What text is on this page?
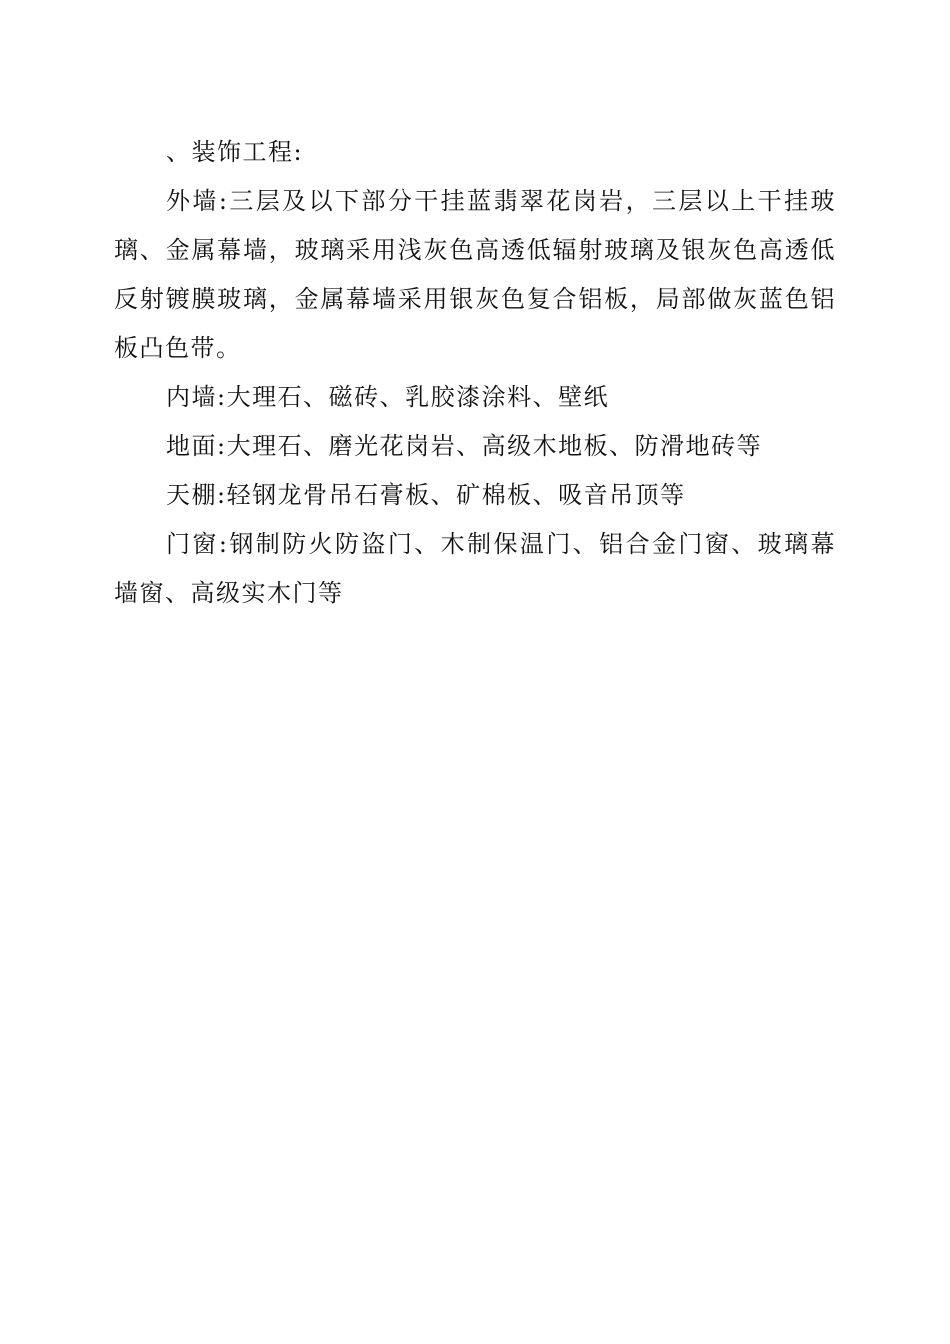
、装饰工程:

外墙:三层及以下部分干挂蓝翡翠花岗岩，三层以上干挂玻璃、金属幕墙，玻璃采用浅灰色高透低辐射玻璃及银灰色高透低反射镀膜玻璃，金属幕墙采用银灰色复合铝板，局部做灰蓝色铝板凸色带。

内墙:大理石、磁砖、乳胶漆涂料、壁纸

地面:大理石、磨光花岗岩、高级木地板、防滑地砖等

天棚:轻钢龙骨吊石膏板、矿棉板、吸音吊顶等

门窗:钢制防火防盗门、木制保温门、铝合金门窗、玻璃幕墙窗、高级实木门等
